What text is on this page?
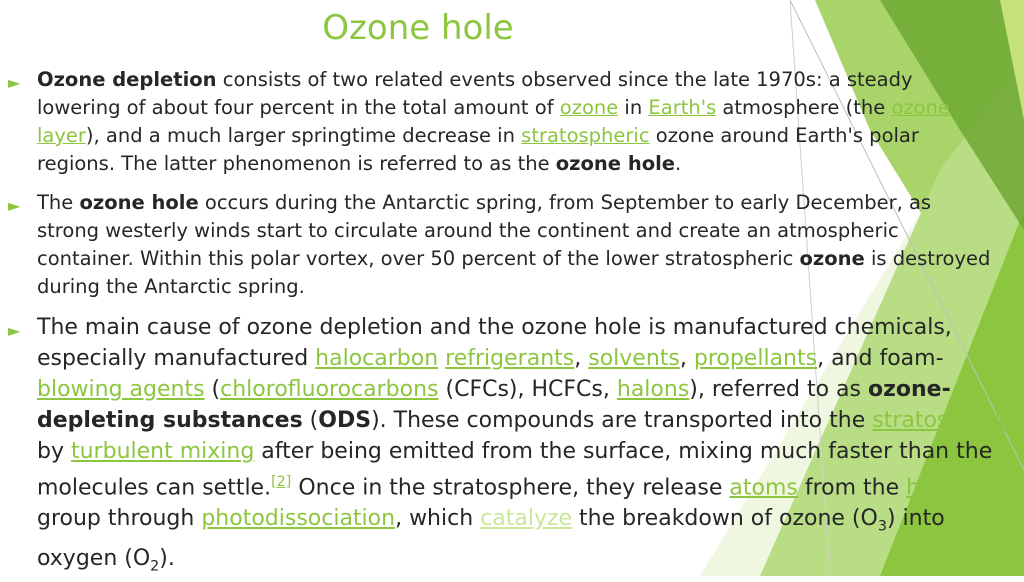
Ozone hole
► Ozone depletion consists of two related events observed since the late 1970s: a steady lowering of about four percent in the total amount of ozone in Earth's atmosphere (the ozone layer), and a much larger springtime decrease in stratospheric ozone around Earth's polar regions. The latter phenomenon is referred to as the ozone hole.

► The ozone hole occurs during the Antarctic spring, from September to early December, as strong westerly winds start to circulate around the continent and create an atmospheric container. Within this polar vortex, over 50 percent of the lower stratospheric ozone is destroyed during the Antarctic spring.

► The main cause of ozone depletion and the ozone hole is manufactured chemicals, especially manufactured halocarbon refrigerants, solvents, propellants, and foam-blowing agents (chlorofluorocarbons (CFCs), HCFCs, halons), referred to as ozone-depleting substances (ODS). These compounds are transported into the stratosphere by turbulent mixing after being emitted from the surface, mixing much faster than the molecules can settle.[2] Once in the stratosphere, they release atoms from the halogen group through photodissociation, which catalyze the breakdown of ozone $(O_3)$ into oxygen $(O_2)$.
